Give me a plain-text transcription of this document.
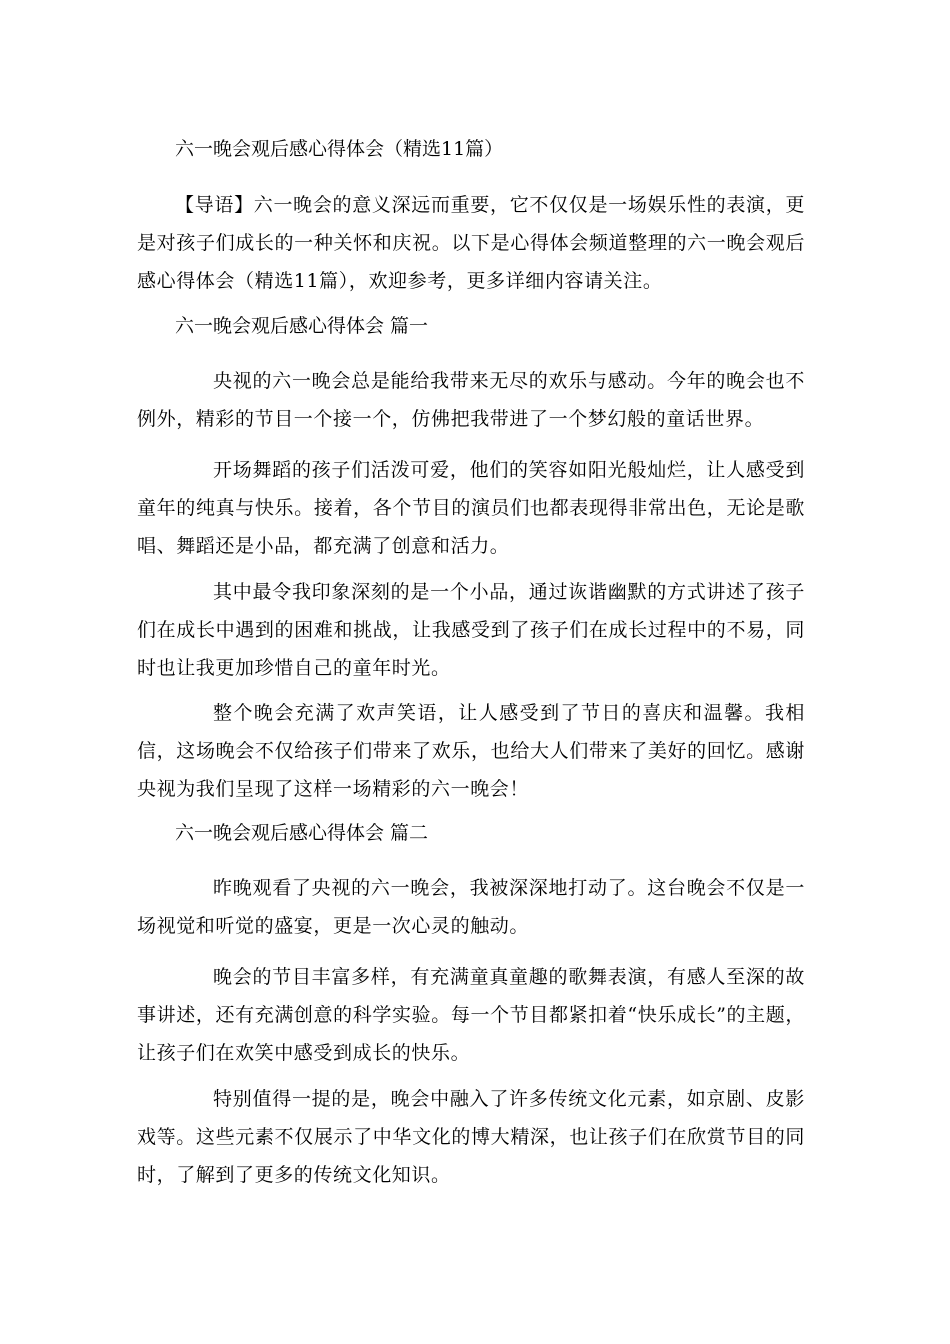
六一晚会观后感心得体会（精选11篇）
【导语】六一晚会的意义深远而重要，它不仅仅是一场娱乐性的表演，更是对孩子们成长的一种关怀和庆祝。以下是心得体会频道整理的六一晚会观后感心得体会（精选11篇），欢迎参考，更多详细内容请关注。
六一晚会观后感心得体会 篇一
央视的六一晚会总是能给我带来无尽的欢乐与感动。今年的晚会也不例外，精彩的节目一个接一个，仿佛把我带进了一个梦幻般的童话世界。
开场舞蹈的孩子们活泼可爱，他们的笑容如阳光般灿烂，让人感受到童年的纯真与快乐。接着，各个节目的演员们也都表现得非常出色，无论是歌唱、舞蹈还是小品，都充满了创意和活力。
其中最令我印象深刻的是一个小品，通过诙谐幽默的方式讲述了孩子们在成长中遇到的困难和挑战，让我感受到了孩子们在成长过程中的不易，同时也让我更加珍惜自己的童年时光。
整个晚会充满了欢声笑语，让人感受到了节日的喜庆和温馨。我相信，这场晚会不仅给孩子们带来了欢乐，也给大人们带来了美好的回忆。感谢央视为我们呈现了这样一场精彩的六一晚会！
六一晚会观后感心得体会 篇二
昨晚观看了央视的六一晚会，我被深深地打动了。这台晚会不仅是一场视觉和听觉的盛宴，更是一次心灵的触动。
晚会的节目丰富多样，有充满童真童趣的歌舞表演，有感人至深的故事讲述，还有充满创意的科学实验。每一个节目都紧扣着“快乐成长”的主题，让孩子们在欢笑中感受到成长的快乐。
特别值得一提的是，晚会中融入了许多传统文化元素，如京剧、皮影戏等。这些元素不仅展示了中华文化的博大精深，也让孩子们在欣赏节目的同时，了解到了更多的传统文化知识。
